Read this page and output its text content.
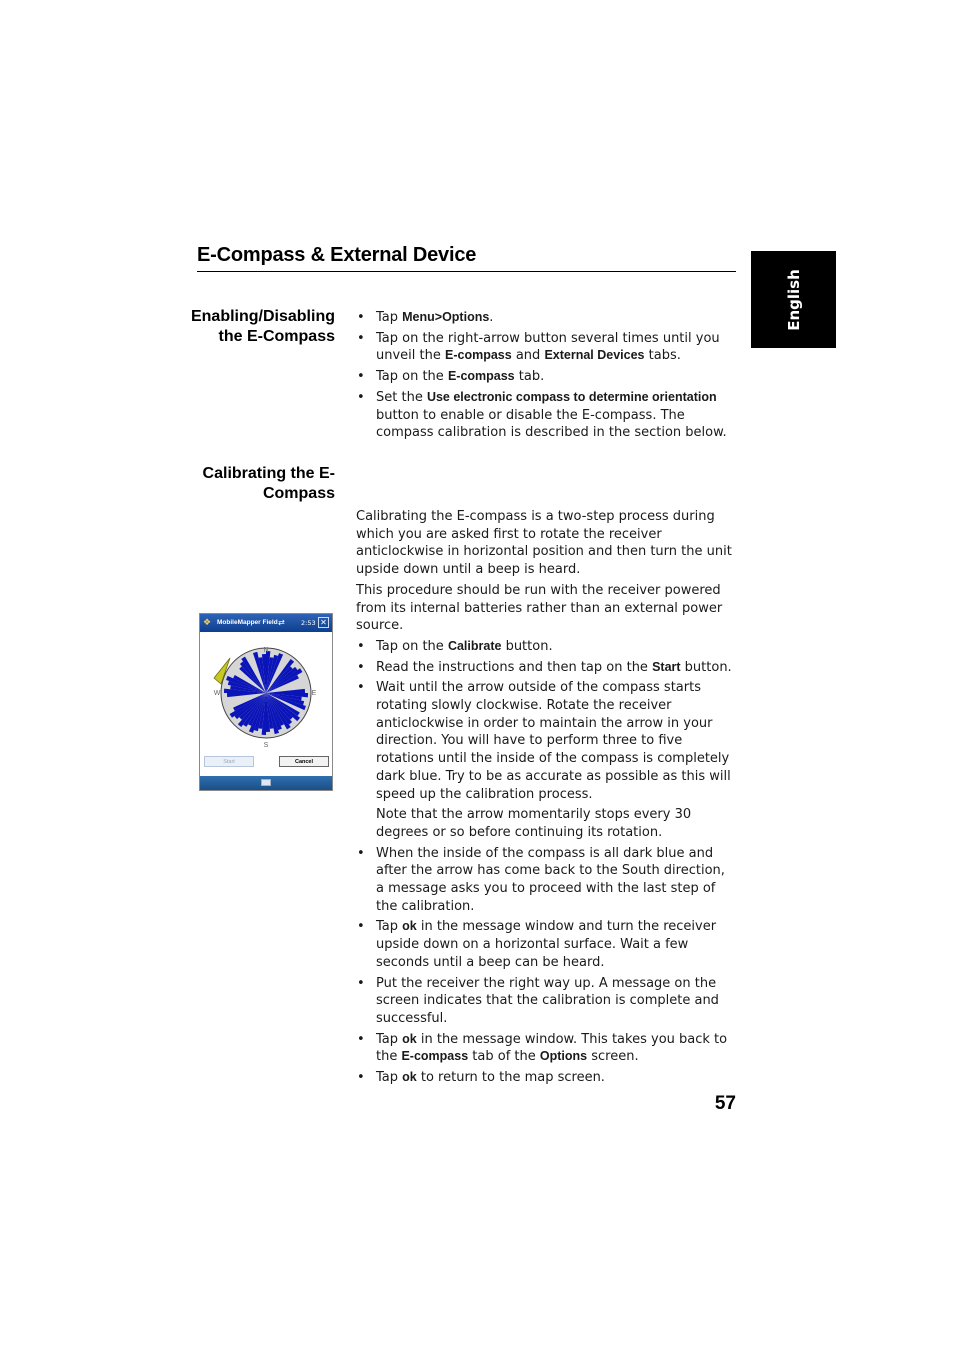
E-Compass & External Device
English
Enabling/Disabling
the E-Compass
• Tap Menu>Options.
• Tap on the right-arrow button several times until you unveil the E-compass and External Devices tabs.
• Tap on the E-compass tab.
• Set the Use electronic compass to determine orientation button to enable or disable the E-compass. The compass calibration is described in the section below.
Calibrating the E-
Compass

Calibrating the E-compass is a two-step process during which you are asked first to rotate the receiver anticlockwise in horizontal position and then turn the unit upside down until a beep is heard.

This procedure should be run with the receiver powered from its internal batteries rather than an external power source.

• Tap on the Calibrate button.
• Read the instructions and then tap on the Start button.
• Wait until the arrow outside of the compass starts rotating slowly clockwise. Rotate the receiver anticlockwise in order to maintain the arrow in your direction. You will have to perform three to five rotations until the inside of the compass is completely dark blue. Try to be as accurate as possible as this will speed up the calibration process.
Note that the arrow momentarily stops every 30 degrees or so before continuing its rotation.
• When the inside of the compass is all dark blue and after the arrow has come back to the South direction, a message asks you to proceed with the last step of the calibration.
• Tap ok in the message window and turn the receiver upside down on a horizontal surface. Wait a few seconds until a beep can be heard.
• Put the receiver the right way up. A message on the screen indicates that the calibration is complete and successful.
• Tap ok in the message window. This takes you back to the E-compass tab of the Options screen.
• Tap ok to return to the map screen.
❖ MobileMapper Field ⇄	2:53 ✕
N
E
S
W
Start	Cancel
57
